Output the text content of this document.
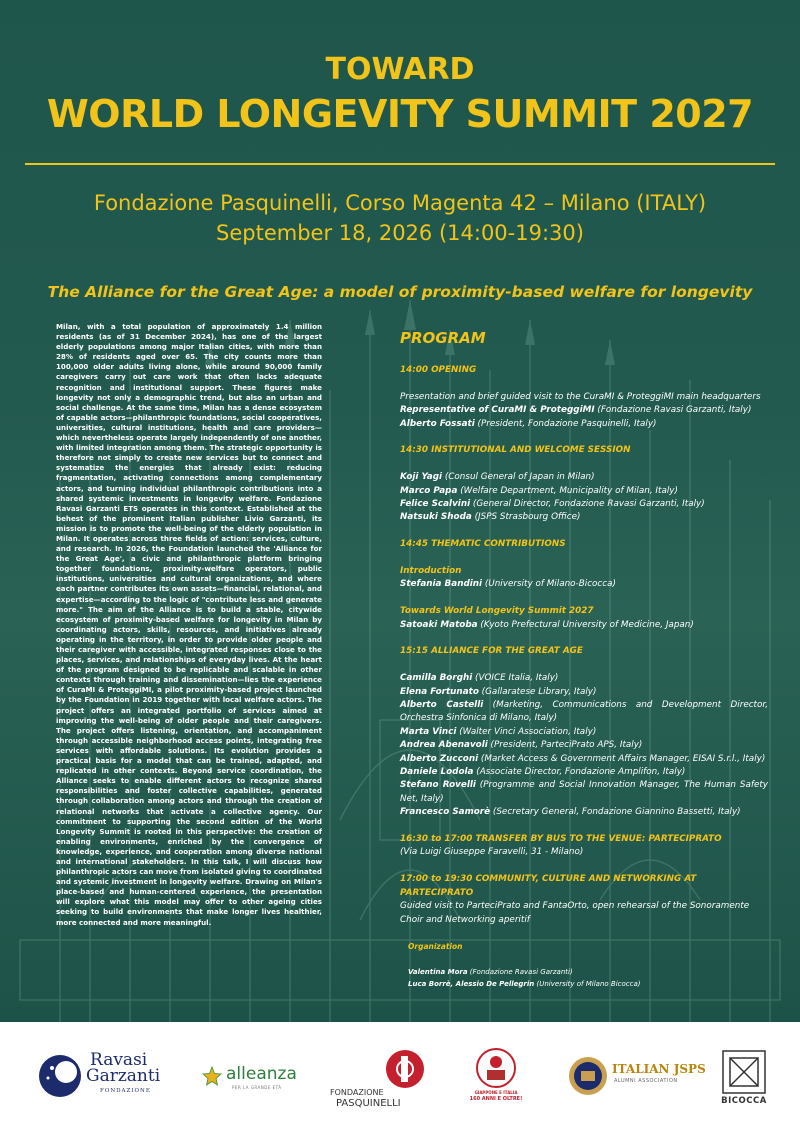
TOWARD
WORLD LONGEVITY SUMMIT 2027
Fondazione Pasquinelli, Corso Magenta 42 – Milano (ITALY)
September 18, 2026 (14:00-19:30)
The Alliance for the Great Age: a model of proximity-based welfare for longevity
Milan, with a total population of approximately 1.4 million residents (as of 31 December 2024), has one of the largest elderly populations among major Italian cities, with more than 28% of residents aged over 65. The city counts more than 100,000 older adults living alone, while around 90,000 family caregivers carry out care work that often lacks adequate recognition and institutional support. These figures make longevity not only a demographic trend, but also an urban and social challenge. At the same time, Milan has a dense ecosystem of capable actors—philanthropic foundations, social cooperatives, universities, cultural institutions, health and care providers—which nevertheless operate largely independently of one another, with limited integration among them. The strategic opportunity is therefore not simply to create new services but to connect and systematize the energies that already exist: reducing fragmentation, activating connections among complementary actors, and turning individual philanthropic contributions into a shared systemic investments in longevity welfare. Fondazione Ravasi Garzanti ETS operates in this context. Established at the behest of the prominent Italian publisher Livio Garzanti, its mission is to promote the well-being of the elderly population in Milan. It operates across three fields of action: services, culture, and research. In 2026, the Foundation launched the 'Alliance for the Great Age', a civic and philanthropic platform bringing together foundations, proximity-welfare operators, public institutions, universities and cultural organizations, and where each partner contributes its own assets—financial, relational, and expertise—according to the logic of "contribute less and generate more." The aim of the Alliance is to build a stable, citywide ecosystem of proximity-based welfare for longevity in Milan by coordinating actors, skills, resources, and initiatives already operating in the territory, in order to provide older people and their caregiver with accessible, integrated responses close to the places, services, and relationships of everyday lives. At the heart of the program designed to be replicable and scalable in other contexts through training and dissemination—lies the experience of CuraMI & ProteggiMI, a pilot proximity-based project launched by the Foundation in 2019 together with local welfare actors. The project offers an integrated portfolio of services aimed at improving the well-being of older people and their caregivers. The project offers listening, orientation, and accompaniment through accessible neighborhood access points, integrating free services with affordable solutions. Its evolution provides a practical basis for a model that can be trained, adapted, and replicated in other contexts. Beyond service coordination, the Alliance seeks to enable different actors to recognize shared responsibilities and foster collective capabilities, generated through collaboration among actors and through the creation of relational networks that activate a collective agency. Our commitment to supporting the second edition of the World Longevity Summit is rooted in this perspective: the creation of enabling environments, enriched by the convergence of knowledge, experience, and cooperation among diverse national and international stakeholders. In this talk, I will discuss how philanthropic actors can move from isolated giving to coordinated and systemic investment in longevity welfare. Drawing on Milan's place-based and human-centered experience, the presentation will explore what this model may offer to other ageing cities seeking to build environments that make longer lives healthier, more connected and more meaningful.
PROGRAM
14:00 OPENING
Presentation and brief guided visit to the CuraMI & ProteggiMI main headquarters
Representative of CuraMI & ProteggiMI (Fondazione Ravasi Garzanti, Italy)
Alberto Fossati (President, Fondazione Pasquinelli, Italy)
14:30 INSTITUTIONAL AND WELCOME SESSION
Koji Yagi (Consul General of Japan in Milan)
Marco Papa (Welfare Department, Municipality of Milan, Italy)
Felice Scalvini (General Director, Fondazione Ravasi Garzanti, Italy)
Natsuki Shoda (JSPS Strasbourg Office)
14:45 THEMATIC CONTRIBUTIONS
Introduction
Stefania Bandini (University of Milano-Bicocca)
Towards World Longevity Summit 2027
Satoaki Matoba (Kyoto Prefectural University of Medicine, Japan)
15:15 ALLIANCE FOR THE GREAT AGE
Camilla Borghi (VOICE Italia, Italy)
Elena Fortunato (Gallaratese Library, Italy)
Alberto Castelli (Marketing, Communications and Development Director, Orchestra Sinfonica di Milano, Italy)
Marta Vinci (Walter Vinci Association, Italy)
Andrea Abenavoli (President, ParteciPrato APS, Italy)
Alberto Zucconi (Market Access & Government Affairs Manager, EISAI S.r.l., Italy)
Daniele Lodola (Associate Director, Fondazione Amplifon, Italy)
Stefano Rovelli (Programme and Social Innovation Manager, The Human Safety Net, Italy)
Francesco Samorè (Secretary General, Fondazione Giannino Bassetti, Italy)
16:30 to 17:00 TRANSFER BY BUS TO THE VENUE: PARTECIPRATO
(Via Luigi Giuseppe Faravelli, 31 - Milano)
17:00 to 19:30 COMMUNITY, CULTURE AND NETWORKING AT PARTECIPRATO
Guided visit to ParteciPrato and FantaOrto, open rehearsal of the Sonoramente Choir and Networking aperitif
Organization
Valentina Mora (Fondazione Ravasi Garzanti)
Luca Borrè, Alessio De Pellegrin (University of Milano Bicocca)
Ravasi
Garzanti
FONDAZIONE
alleanza
PER LA GRANDE ETÀ
FONDAZIONE
PASQUINELLI
GIAPPONE E ITALIA
160 ANNI E OLTRE!
ITALIAN JSPS
ALUMNI ASSOCIATION
BICOCCA
